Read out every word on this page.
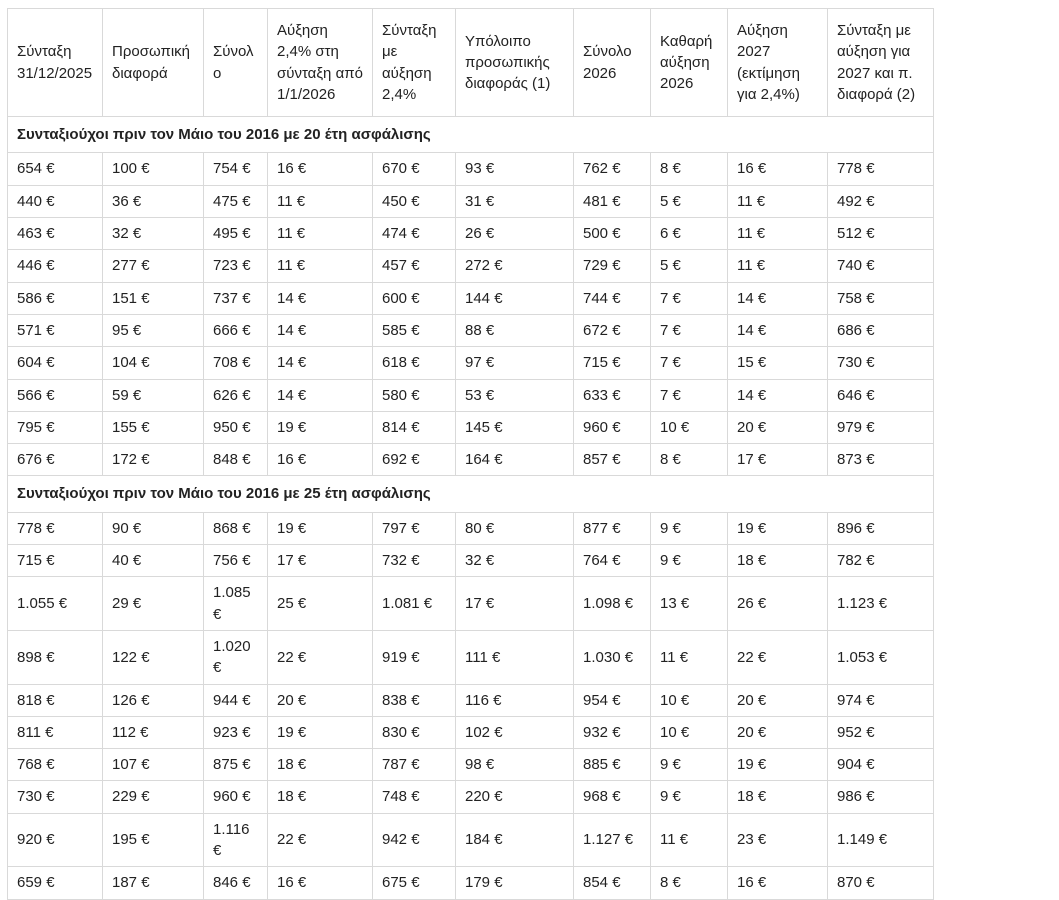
Σύνταξη 31/12/2025	Προσωπική διαφορά	Σύνολο	Αύξηση 2,4% στη σύνταξη από 1/1/2026	Σύνταξη με αύξηση 2,4%	Υπόλοιπο προσωπικής διαφοράς (1)	Σύνολο 2026	Καθαρή αύξηση 2026	Αύξηση 2027 (εκτίμηση για 2,4%)	Σύνταξη με αύξηση για 2027 και π. διαφορά (2)
Συνταξιούχοι πριν τον Μάιο του 2016 με 20 έτη ασφάλισης									
654 €	100 €	754 €	16 €	670 €	93 €	762 €	8 €	16 €	778 €
440 €	36 €	475 €	11 €	450 €	31 €	481 €	5 €	11 €	492 €
463 €	32 €	495 €	11 €	474 €	26 €	500 €	6 €	11 €	512 €
446 €	277 €	723 €	11 €	457 €	272 €	729 €	5 €	11 €	740 €
586 €	151 €	737 €	14 €	600 €	144 €	744 €	7 €	14 €	758 €
571 €	95 €	666 €	14 €	585 €	88 €	672 €	7 €	14 €	686 €
604 €	104 €	708 €	14 €	618 €	97 €	715 €	7 €	15 €	730 €
566 €	59 €	626 €	14 €	580 €	53 €	633 €	7 €	14 €	646 €
795 €	155 €	950 €	19 €	814 €	145 €	960 €	10 €	20 €	979 €
676 €	172 €	848 €	16 €	692 €	164 €	857 €	8 €	17 €	873 €
Συνταξιούχοι πριν τον Μάιο του 2016 με 25 έτη ασφάλισης									
778 €	90 €	868 €	19 €	797 €	80 €	877 €	9 €	19 €	896 €
715 €	40 €	756 €	17 €	732 €	32 €	764 €	9 €	18 €	782 €
1.055 €	29 €	1.085 €	25 €	1.081 €	17 €	1.098 €	13 €	26 €	1.123 €
898 €	122 €	1.020 €	22 €	919 €	111 €	1.030 €	11 €	22 €	1.053 €
818 €	126 €	944 €	20 €	838 €	116 €	954 €	10 €	20 €	974 €
811 €	112 €	923 €	19 €	830 €	102 €	932 €	10 €	20 €	952 €
768 €	107 €	875 €	18 €	787 €	98 €	885 €	9 €	19 €	904 €
730 €	229 €	960 €	18 €	748 €	220 €	968 €	9 €	18 €	986 €
920 €	195 €	1.116 €	22 €	942 €	184 €	1.127 €	11 €	23 €	1.149 €
659 €	187 €	846 €	16 €	675 €	179 €	854 €	8 €	16 €	870 €
